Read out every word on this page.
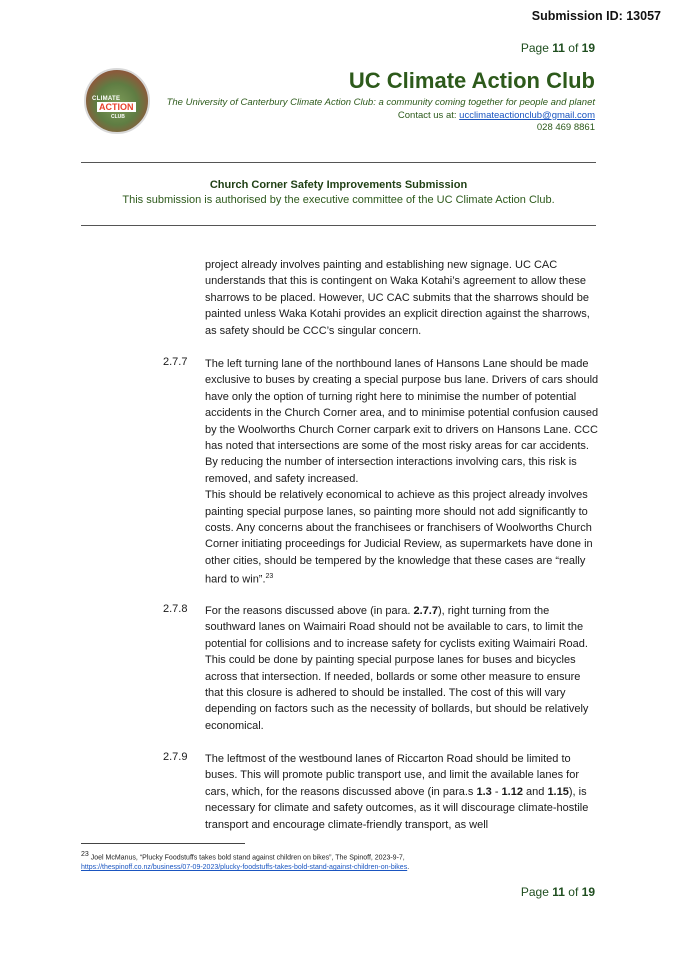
Submission ID: 13057
Page 11 of 19
CLIMATE
ACTION
CLUB
UC Climate Action Club
The University of Canterbury Climate Action Club: a community coming together for people and planet
Contact us at: ucclimateactionclub@gmail.com
028 469 8861
Church Corner Safety Improvements Submission
This submission is authorised by the executive committee of the UC Climate Action Club.
project already involves painting and establishing new signage. UC CAC understands that this is contingent on Waka Kotahi’s agreement to allow these sharrows to be placed. However, UC CAC submits that the sharrows should be painted unless Waka Kotahi provides an explicit direction against the sharrows, as safety should be CCC’s singular concern.
2.7.7 The left turning lane of the northbound lanes of Hansons Lane should be made exclusive to buses by creating a special purpose bus lane. Drivers of cars should have only the option of turning right here to minimise the number of potential accidents in the Church Corner area, and to minimise potential confusion caused by the Woolworths Church Corner carpark exit to drivers on Hansons Lane. CCC has noted that intersections are some of the most risky areas for car accidents. By reducing the number of intersection interactions involving cars, this risk is removed, and safety increased.
This should be relatively economical to achieve as this project already involves painting special purpose lanes, so painting more should not add significantly to costs. Any concerns about the franchisees or franchisers of Woolworths Church Corner initiating proceedings for Judicial Review, as supermarkets have done in other cities, should be tempered by the knowledge that these cases are “really hard to win”.$^{23}$
2.7.8 For the reasons discussed above (in para. 2.7.7), right turning from the southward lanes on Waimairi Road should not be available to cars, to limit the potential for collisions and to increase safety for cyclists exiting Waimairi Road. This could be done by painting special purpose lanes for buses and bicycles across that intersection. If needed, bollards or some other measure to ensure that this closure is adhered to should be installed. The cost of this will vary depending on factors such as the necessity of bollards, but should be relatively economical.
2.7.9 The leftmost of the westbound lanes of Riccarton Road should be limited to buses. This will promote public transport use, and limit the available lanes for cars, which, for the reasons discussed above (in para.s 1.3 - 1.12 and 1.15), is necessary for climate and safety outcomes, as it will discourage climate-hostile transport and encourage climate-friendly transport, as well
$^{23}$ Joel McManus, “Plucky Foodstuffs takes bold stand against children on bikes”, The Spinoff, 2023-9-7,
https://thespinoff.co.nz/business/07-09-2023/plucky-foodstuffs-takes-bold-stand-against-children-on-bikes.
Page 11 of 19
